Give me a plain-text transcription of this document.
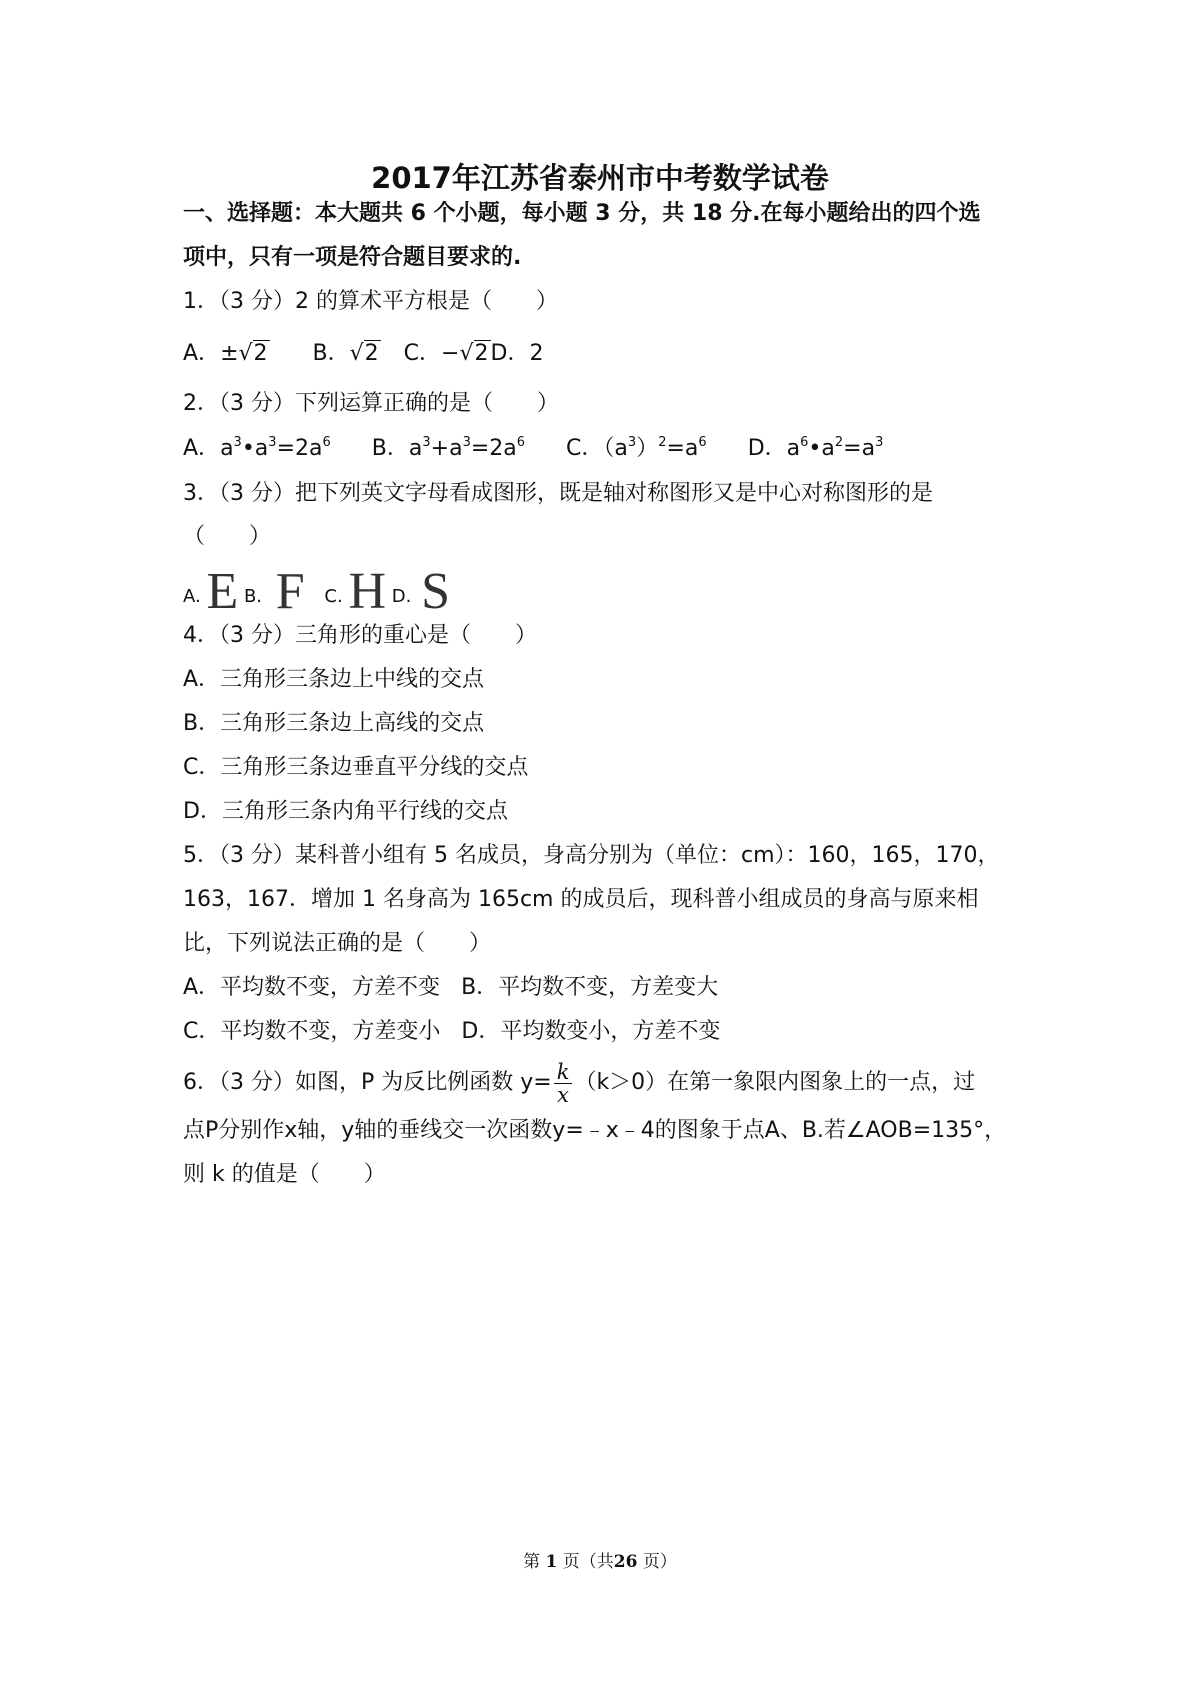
2017年江苏省泰州市中考数学试卷
一、选择题：本大题共 6 个小题，每小题 3 分，共 18 分.在每小题给出的四个选
项中，只有一项是符合题目要求的.
1．（3 分）2 的算术平方根是（　　）
A．±√2 B．√2 C．−√2D．2
2．（3 分）下列运算正确的是（　　）
A．$a^3•a^3=2a^6$ B．$a^3+a^3=2a^6$ C．$(a^3)^2=a^6$ D．$a^6•a^2=a^3$
3．（3 分）把下列英文字母看成图形，既是轴对称图形又是中心对称图形的是
（　　）
A. E B. F C. H D. S
4．（3 分）三角形的重心是（　　）
A．三角形三条边上中线的交点
B．三角形三条边上高线的交点
C．三角形三条边垂直平分线的交点
D．三角形三条内角平行线的交点
5．（3 分）某科普小组有 5 名成员，身高分别为（单位：cm）：160，165，170，
163，167．增加 1 名身高为 165cm 的成员后，现科普小组成员的身高与原来相
比，下列说法正确的是（　　）
A．平均数不变，方差不变 B．平均数不变，方差变大
C．平均数不变，方差变小 D．平均数变小，方差不变
6．（3 分）如图，P 为反比例函数 $y= \frac{k}{x} (k>0)$在第一象限内图象上的一点，过
点P分别作x轴，y轴的垂线交一次函数y=﹣x﹣4的图象于点A、B.若∠AOB=135°，
则 k 的值是（　　）
第 1 页（共26 页）
